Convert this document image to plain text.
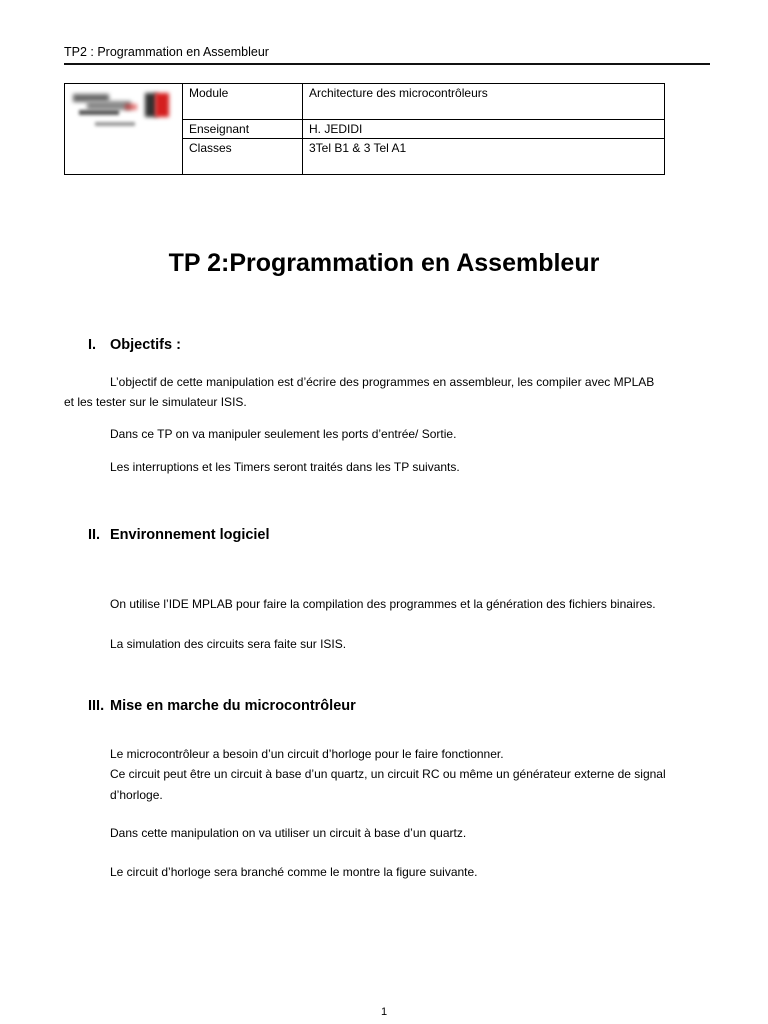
TP2 : Programmation en Assembleur
	Module	Architecture des microcontrôleurs
	Enseignant	H. JEDIDI
	Classes	3Tel B1 & 3 Tel A1
TP 2:Programmation en Assembleur
I. Objectifs :
L’objectif de cette manipulation est d’écrire des programmes en assembleur, les compiler avec MPLAB
et les tester sur le simulateur ISIS.
Dans ce TP on va manipuler seulement les ports d’entrée/ Sortie.
Les interruptions et les Timers seront traités dans les TP suivants.
II. Environnement logiciel
On utilise l’IDE MPLAB pour faire la compilation des programmes et la génération des fichiers binaires.
La simulation des circuits sera faite sur ISIS.
III. Mise en marche du microcontrôleur
Le microcontrôleur a besoin d’un circuit d’horloge pour le faire fonctionner.
Ce circuit peut être un circuit à base d’un quartz, un circuit RC ou même un générateur externe de signal
d’horloge.
Dans cette manipulation on va utiliser un circuit à base d’un quartz.
Le circuit d’horloge sera branché comme le montre la figure suivante.
1
